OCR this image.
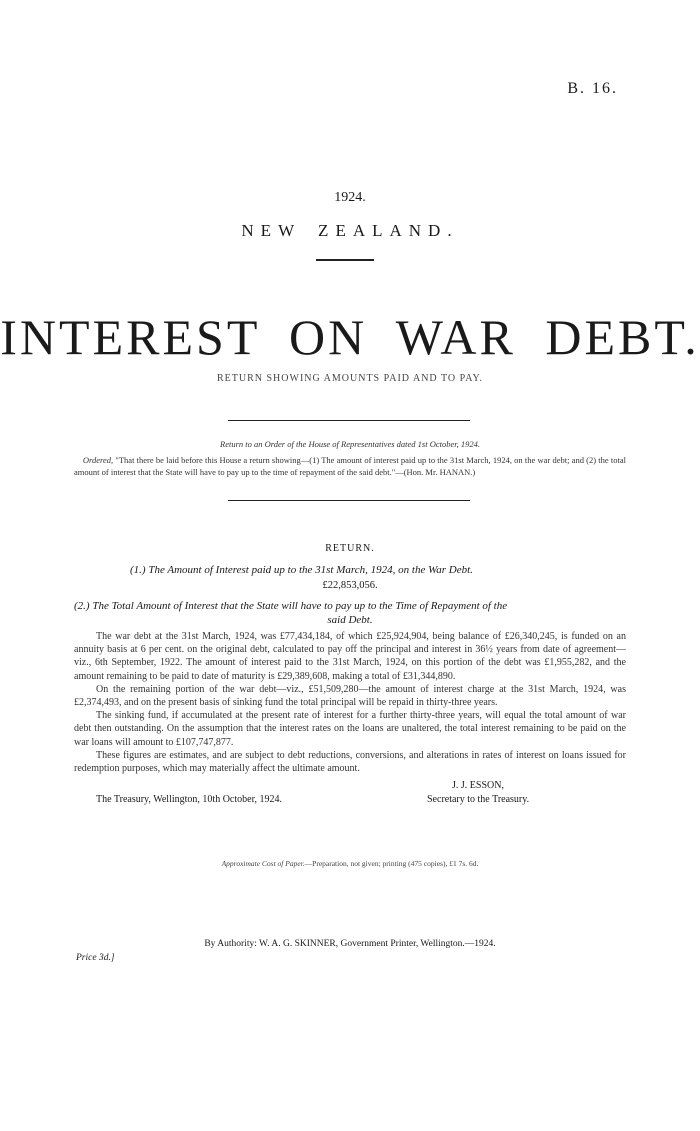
B. 16.
1924.
NEW ZEALAND.
INTEREST ON WAR DEBT.
RETURN SHOWING AMOUNTS PAID AND TO PAY.
Return to an Order of the House of Representatives dated 1st October, 1924.
Ordered, "That there be laid before this House a return showing—(1) The amount of interest paid up to the 31st March, 1924, on the war debt; and (2) the total amount of interest that the State will have to pay up to the time of repayment of the said debt."—(Hon. Mr. HANAN.)
RETURN.
(1.) The Amount of Interest paid up to the 31st March, 1924, on the War Debt.
£22,853,056.
(2.) The Total Amount of Interest that the State will have to pay up to the Time of Repayment of the
said Debt.

The war debt at the 31st March, 1924, was £77,434,184, of which £25,924,904, being balance of £26,340,245, is funded on an annuity basis at 6 per cent. on the original debt, calculated to pay off the principal and interest in 36½ years from date of agreement—viz., 6th September, 1922. The amount of interest paid to the 31st March, 1924, on this portion of the debt was £1,955,282, and the amount remaining to be paid to date of maturity is £29,389,608, making a total of £31,344,890.

On the remaining portion of the war debt—viz., £51,509,280—the amount of interest charge at the 31st March, 1924, was £2,374,493, and on the present basis of sinking fund the total principal will be repaid in thirty-three years.

The sinking fund, if accumulated at the present rate of interest for a further thirty-three years, will equal the total amount of war debt then outstanding. On the assumption that the interest rates on the loans are unaltered, the total interest remaining to be paid on the war loans will amount to £107,747,877.

These figures are estimates, and are subject to debt reductions, conversions, and alterations in rates of interest on loans issued for redemption purposes, which may materially affect the ultimate amount.

J. J. ESSON,
The Treasury, Wellington, 10th October, 1924.	Secretary to the Treasury.
Approximate Cost of Paper.—Preparation, not given; printing (475 copies), £1 7s. 6d.
By Authority: W. A. G. SKINNER, Government Printer, Wellington.—1924.
Price 3d.]
